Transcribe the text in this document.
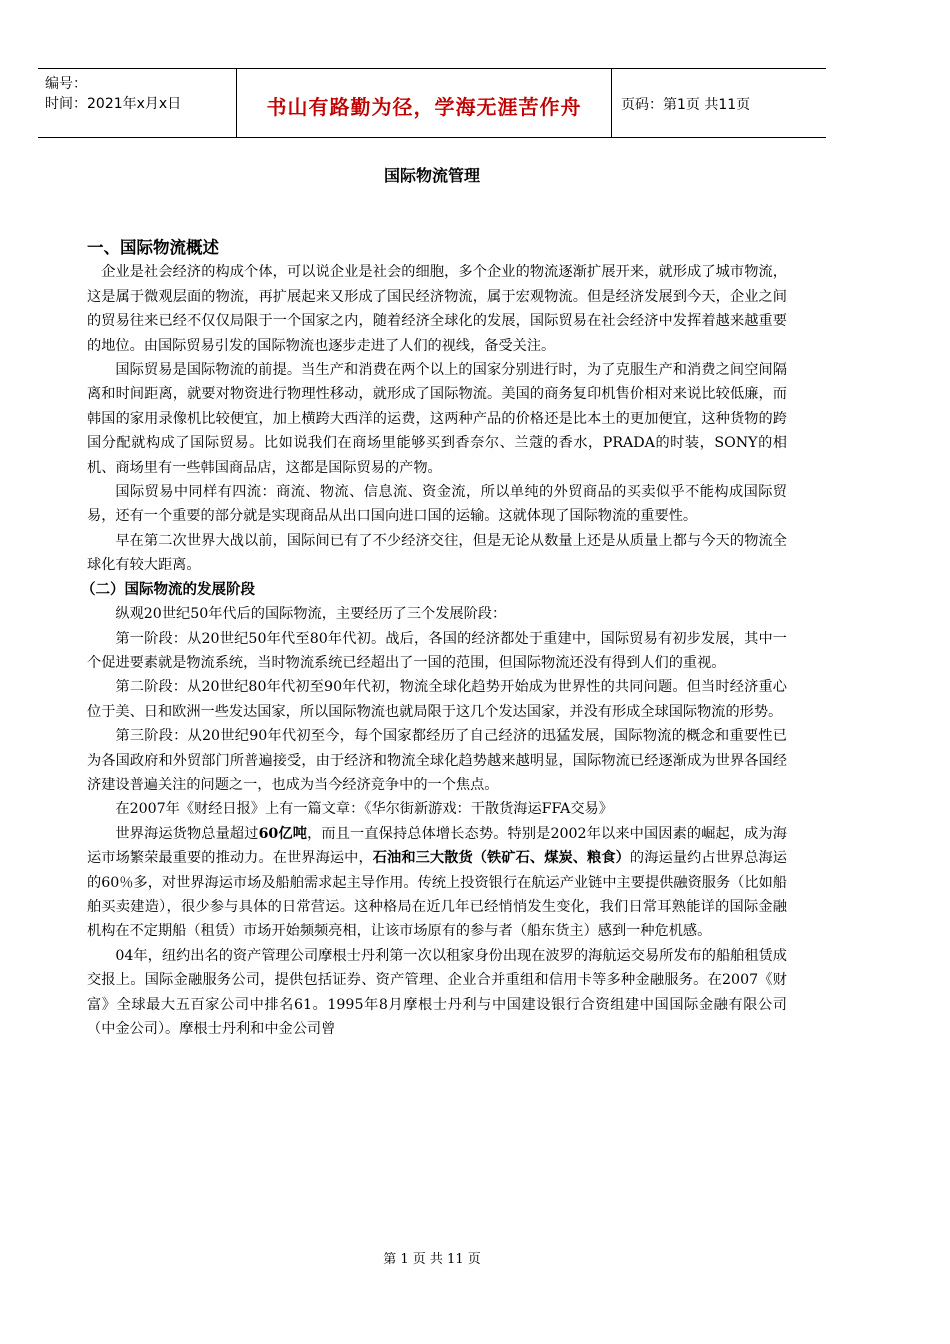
编号：
时间：2021年x月x日	书山有路勤为径，学海无涯苦作舟	页码：第1页 共11页
国际物流管理

一、国际物流概述

企业是社会经济的构成个体，可以说企业是社会的细胞，多个企业的物流逐渐扩展开来，就形成了城市物流，这是属于微观层面的物流，再扩展起来又形成了国民经济物流，属于宏观物流。但是经济发展到今天，企业之间的贸易往来已经不仅仅局限于一个国家之内，随着经济全球化的发展，国际贸易在社会经济中发挥着越来越重要的地位。由国际贸易引发的国际物流也逐步走进了人们的视线，备受关注。

国际贸易是国际物流的前提。当生产和消费在两个以上的国家分别进行时，为了克服生产和消费之间空间隔离和时间距离，就要对物资进行物理性移动，就形成了国际物流。美国的商务复印机售价相对来说比较低廉，而韩国的家用录像机比较便宜，加上横跨大西洋的运费，这两种产品的价格还是比本土的更加便宜，这种货物的跨国分配就构成了国际贸易。比如说我们在商场里能够买到香奈尔、兰蔻的香水，PRADA的时装，SONY的相机、商场里有一些韩国商品店，这都是国际贸易的产物。

国际贸易中同样有四流：商流、物流、信息流、资金流，所以单纯的外贸商品的买卖似乎不能构成国际贸易，还有一个重要的部分就是实现商品从出口国向进口国的运输。这就体现了国际物流的重要性。

早在第二次世界大战以前，国际间已有了不少经济交往，但是无论从数量上还是从质量上都与今天的物流全球化有较大距离。

（二）国际物流的发展阶段

纵观20世纪50年代后的国际物流，主要经历了三个发展阶段：

第一阶段：从20世纪50年代至80年代初。战后，各国的经济都处于重建中，国际贸易有初步发展，其中一个促进要素就是物流系统，当时物流系统已经超出了一国的范围，但国际物流还没有得到人们的重视。

第二阶段：从20世纪80年代初至90年代初，物流全球化趋势开始成为世界性的共同问题。但当时经济重心位于美、日和欧洲一些发达国家，所以国际物流也就局限于这几个发达国家，并没有形成全球国际物流的形势。

第三阶段：从20世纪90年代初至今，每个国家都经历了自己经济的迅猛发展，国际物流的概念和重要性已为各国政府和外贸部门所普遍接受，由于经济和物流全球化趋势越来越明显，国际物流已经逐渐成为世界各国经济建设普遍关注的问题之一，也成为当今经济竞争中的一个焦点。

在2007年《财经日报》上有一篇文章：《华尔街新游戏：干散货海运FFA交易》

世界海运货物总量超过60亿吨，而且一直保持总体增长态势。特别是2002年以来中国因素的崛起，成为海运市场繁荣最重要的推动力。在世界海运中，石油和三大散货（铁矿石、煤炭、粮食）的海运量约占世界总海运的60％多，对世界海运市场及船舶需求起主导作用。传统上投资银行在航运产业链中主要提供融资服务（比如船舶买卖建造），很少参与具体的日常营运。这种格局在近几年已经悄悄发生变化，我们日常耳熟能详的国际金融机构在不定期船（租赁）市场开始频频亮相，让该市场原有的参与者（船东货主）感到一种危机感。

04年，纽约出名的资产管理公司摩根士丹利第一次以租家身份出现在波罗的海航运交易所发布的船舶租赁成交报上。国际金融服务公司，提供包括证券、资产管理、企业合并重组和信用卡等多种金融服务。在2007《财富》全球最大五百家公司中排名61。1995年8月摩根士丹利与中国建设银行合资组建中国国际金融有限公司（中金公司）。摩根士丹利和中金公司曾

第 1 页 共 11 页
